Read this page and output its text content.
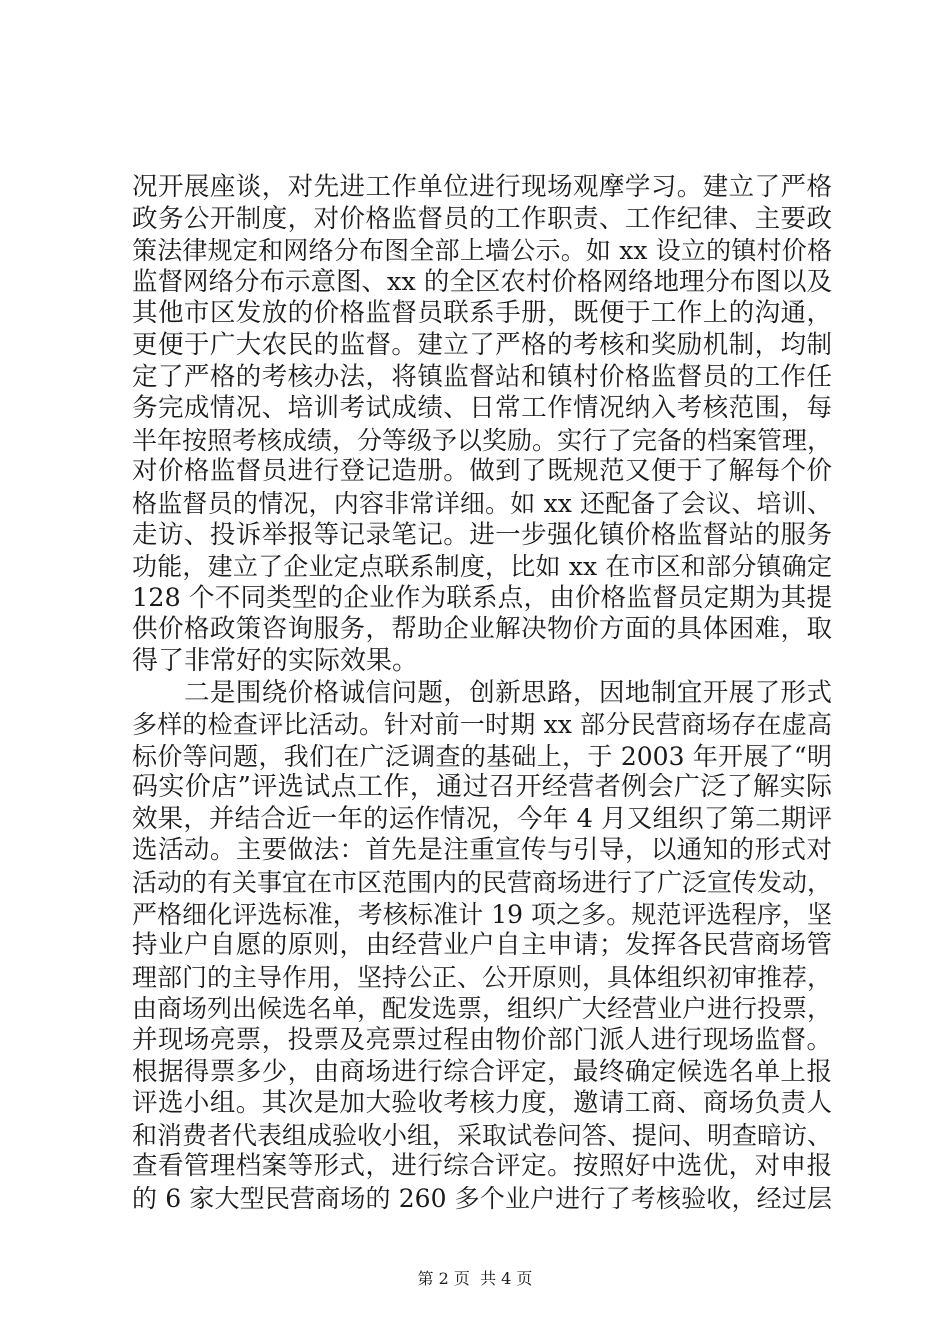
况开展座谈，对先进工作单位进行现场观摩学习。建立了严格
政务公开制度，对价格监督员的工作职责、工作纪律、主要政
策法律规定和网络分布图全部上墙公示。如 xx 设立的镇村价格
监督网络分布示意图、xx 的全区农村价格网络地理分布图以及
其他市区发放的价格监督员联系手册，既便于工作上的沟通，
更便于广大农民的监督。建立了严格的考核和奖励机制，均制
定了严格的考核办法，将镇监督站和镇村价格监督员的工作任
务完成情况、培训考试成绩、日常工作情况纳入考核范围，每
半年按照考核成绩，分等级予以奖励。实行了完备的档案管理，
对价格监督员进行登记造册。做到了既规范又便于了解每个价
格监督员的情况，内容非常详细。如 xx 还配备了会议、培训、
走访、投诉举报等记录笔记。进一步强化镇价格监督站的服务
功能，建立了企业定点联系制度，比如 xx 在市区和部分镇确定
128 个不同类型的企业作为联系点，由价格监督员定期为其提
供价格政策咨询服务，帮助企业解决物价方面的具体困难，取
得了非常好的实际效果。
二是围绕价格诚信问题，创新思路，因地制宜开展了形式
多样的检查评比活动。针对前一时期 xx 部分民营商场存在虚高
标价等问题，我们在广泛调查的基础上，于 2003 年开展了“明
码实价店”评选试点工作，通过召开经营者例会广泛了解实际
效果，并结合近一年的运作情况，今年 4 月又组织了第二期评
选活动。主要做法：首先是注重宣传与引导，以通知的形式对
活动的有关事宜在市区范围内的民营商场进行了广泛宣传发动，
严格细化评选标准，考核标准计 19 项之多。规范评选程序，坚
持业户自愿的原则，由经营业户自主申请；发挥各民营商场管
理部门的主导作用，坚持公正、公开原则，具体组织初审推荐，
由商场列出候选名单，配发选票，组织广大经营业户进行投票，
并现场亮票，投票及亮票过程由物价部门派人进行现场监督。
根据得票多少，由商场进行综合评定，最终确定候选名单上报
评选小组。其次是加大验收考核力度，邀请工商、商场负责人
和消费者代表组成验收小组，采取试卷问答、提问、明查暗访、
查看管理档案等形式，进行综合评定。按照好中选优，对申报
的 6 家大型民营商场的 260 多个业户进行了考核验收，经过层
第 2 页  共 4 页
